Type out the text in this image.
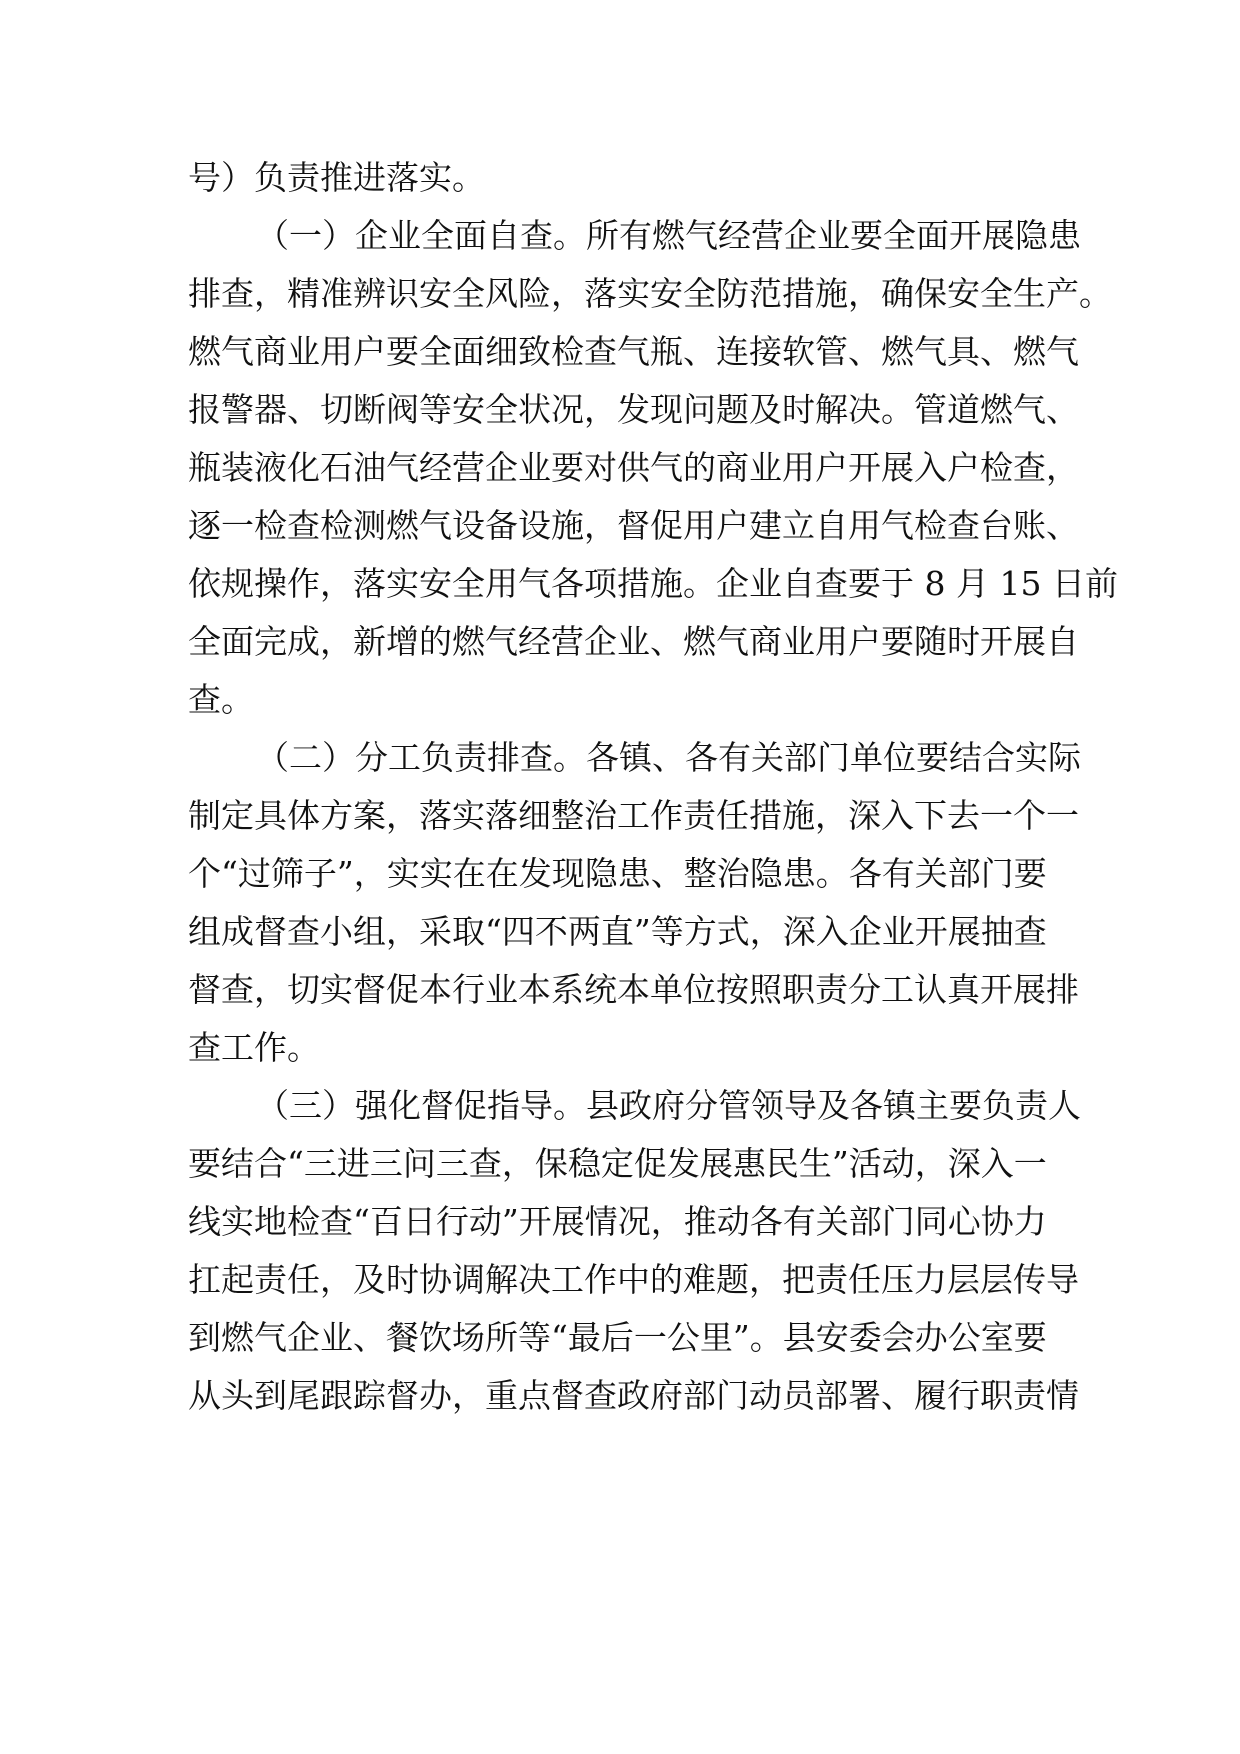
号）负责推进落实。

（一）企业全面自查。所有燃气经营企业要全面开展隐患

排查，精准辨识安全风险，落实安全防范措施，确保安全生产。

燃气商业用户要全面细致检查气瓶、连接软管、燃气具、燃气

报警器、切断阀等安全状况，发现问题及时解决。管道燃气、

瓶装液化石油气经营企业要对供气的商业用户开展入户检查，

逐一检查检测燃气设备设施，督促用户建立自用气检查台账、

依规操作，落实安全用气各项措施。企业自查要于 8 月 15 日前

全面完成，新增的燃气经营企业、燃气商业用户要随时开展自

查。

（二）分工负责排查。各镇、各有关部门单位要结合实际

制定具体方案，落实落细整治工作责任措施，深入下去一个一

个“过筛子”，实实在在发现隐患、整治隐患。各有关部门要

组成督查小组，采取“四不两直”等方式，深入企业开展抽查

督查，切实督促本行业本系统本单位按照职责分工认真开展排

查工作。

（三）强化督促指导。县政府分管领导及各镇主要负责人

要结合“三进三问三查，保稳定促发展惠民生”活动，深入一

线实地检查“百日行动”开展情况，推动各有关部门同心协力

扛起责任，及时协调解决工作中的难题，把责任压力层层传导

到燃气企业、餐饮场所等“最后一公里”。县安委会办公室要

从头到尾跟踪督办，重点督查政府部门动员部署、履行职责情
